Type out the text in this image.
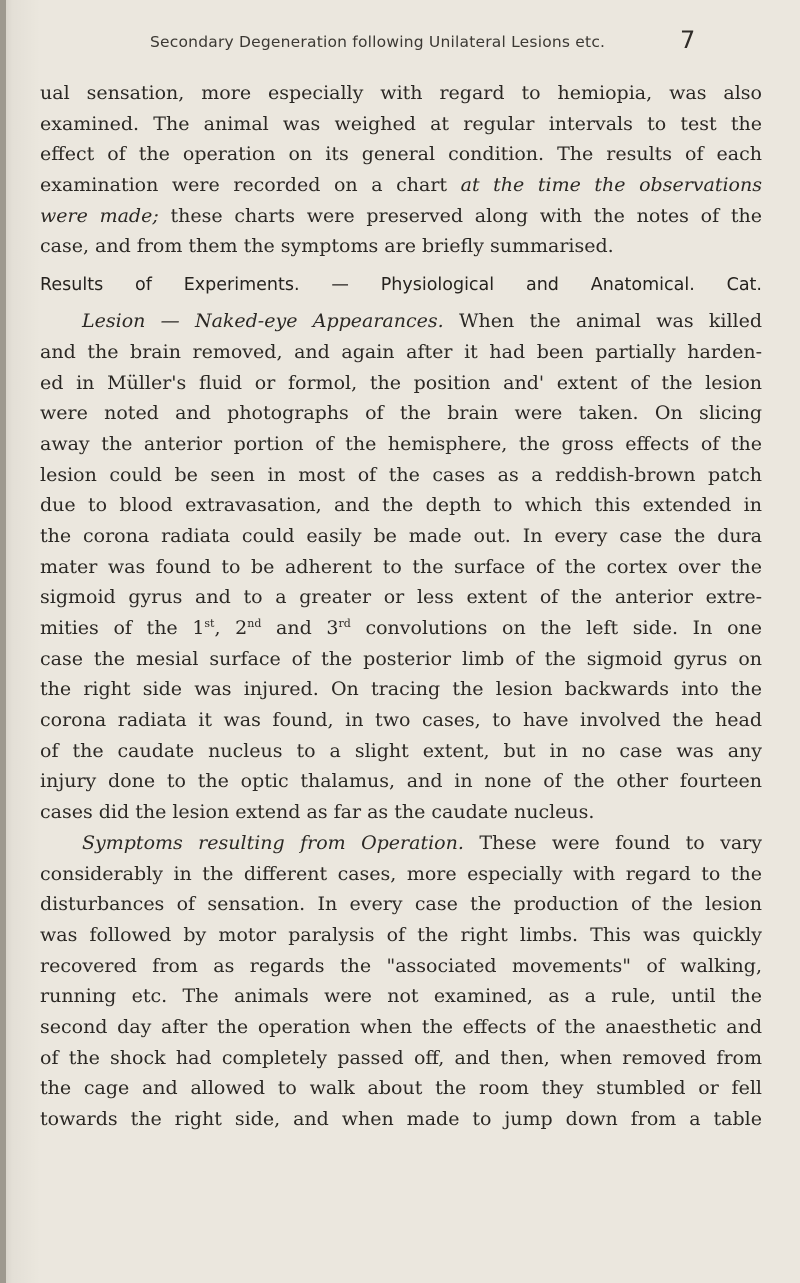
Secondary Degeneration following Unilateral Lesions etc.	7
ual sensation, more especially with regard to hemiopia, was also
examined. The animal was weighed at regular intervals to test the
effect of the operation on its general condition. The results of each
examination were recorded on a chart at the time the observations
were made; these charts were preserved along with the notes of the
case, and from them the symptoms are briefly summarised.
Results of Experiments. — Physiological and Anatomical. Cat.
Lesion — Naked-eye Appearances. When the animal was killed
and the brain removed, and again after it had been partially harden-
ed in Müller's fluid or formol, the position and' extent of the lesion
were noted and photographs of the brain were taken. On slicing
away the anterior portion of the hemisphere, the gross effects of the
lesion could be seen in most of the cases as a reddish-brown patch
due to blood extravasation, and the depth to which this extended in
the corona radiata could easily be made out. In every case the dura
mater was found to be adherent to the surface of the cortex over the
sigmoid gyrus and to a greater or less extent of the anterior extre-
mities of the 1st, 2nd and 3rd convolutions on the left side. In one
case the mesial surface of the posterior limb of the sigmoid gyrus on
the right side was injured. On tracing the lesion backwards into the
corona radiata it was found, in two cases, to have involved the head
of the caudate nucleus to a slight extent, but in no case was any
injury done to the optic thalamus, and in none of the other fourteen
cases did the lesion extend as far as the caudate nucleus.
Symptoms resulting from Operation. These were found to vary
considerably in the different cases, more especially with regard to the
disturbances of sensation. In every case the production of the lesion
was followed by motor paralysis of the right limbs. This was quickly
recovered from as regards the "associated movements" of walking,
running etc. The animals were not examined, as a rule, until the
second day after the operation when the effects of the anaesthetic and
of the shock had completely passed off, and then, when removed from
the cage and allowed to walk about the room they stumbled or fell
towards the right side, and when made to jump down from a table
